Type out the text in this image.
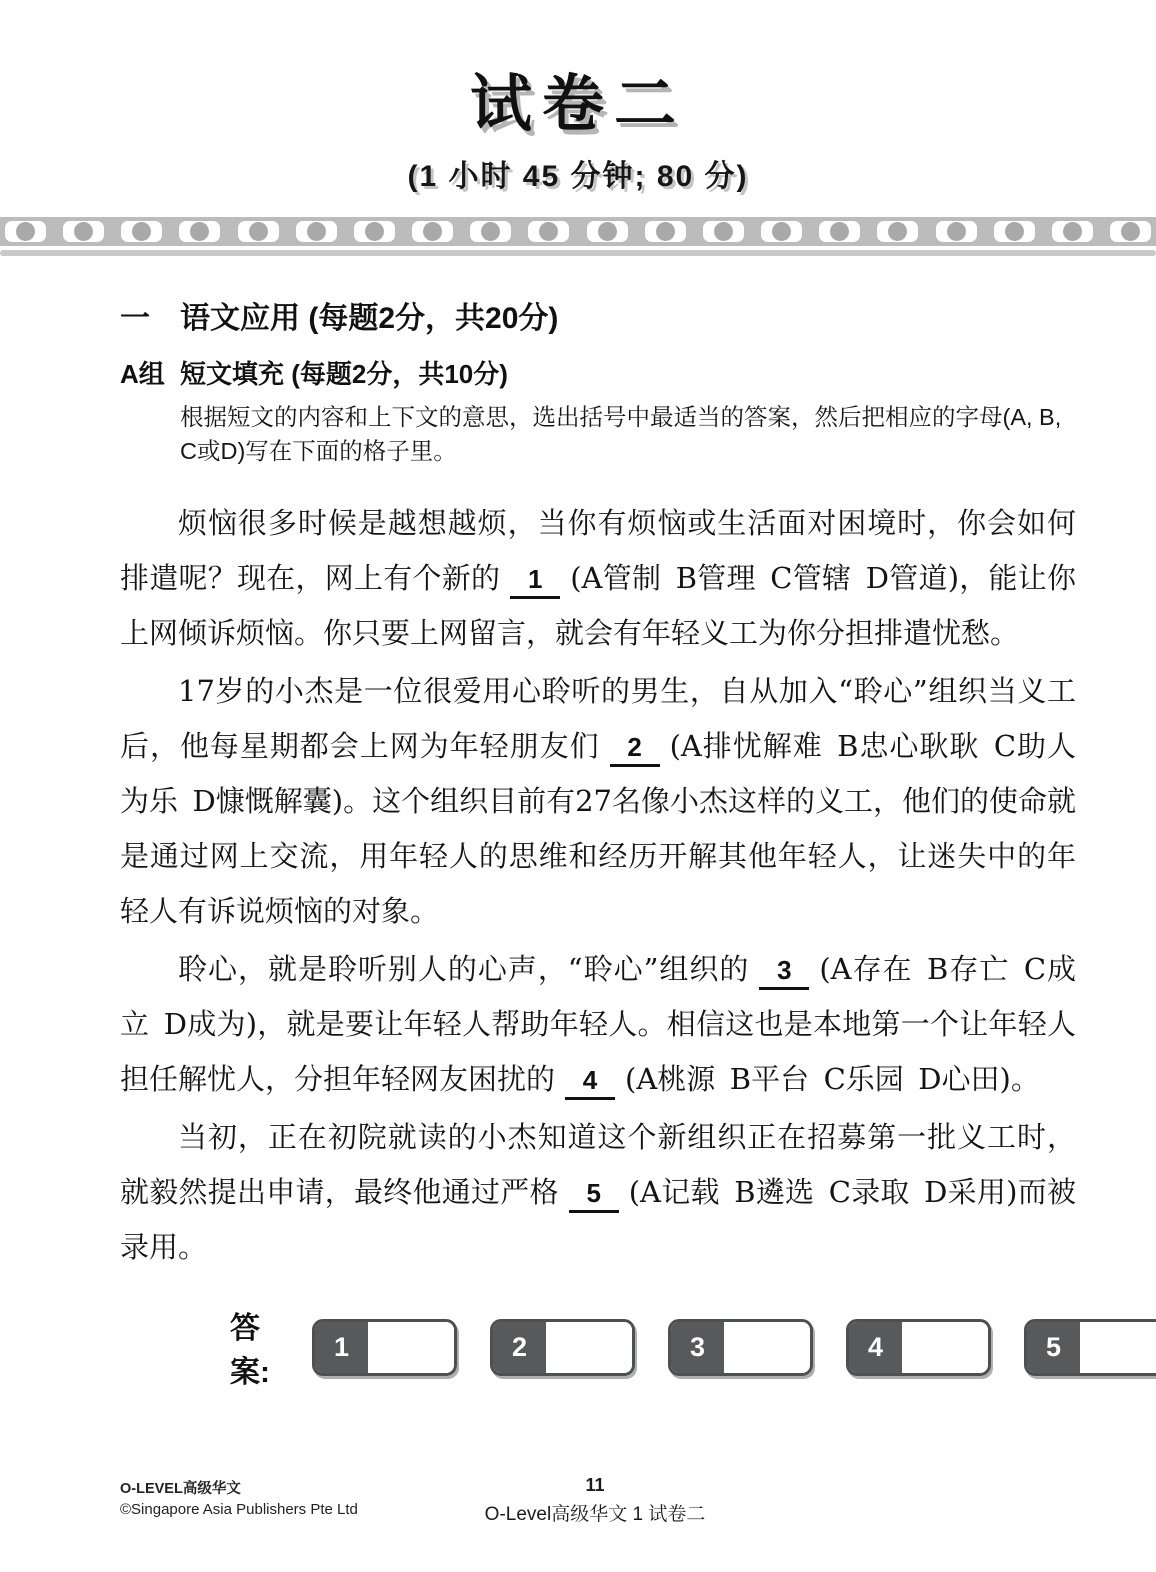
试卷二
(1 小时 45 分钟; 80 分)
一	语文应用 (每题2分，共20分)
A组 短文填充 (每题2分，共10分)
根据短文的内容和上下文的意思，选出括号中最适当的答案，然后把相应的字母(A, B, C或D)写在下面的格子里。

烦恼很多时候是越想越烦，当你有烦恼或生活面对困境时，你会如何排遣呢？现在，网上有个新的 1 (A管制 B管理 C管辖 D管道)，能让你上网倾诉烦恼。你只要上网留言，就会有年轻义工为你分担排遣忧愁。

17岁的小杰是一位很爱用心聆听的男生，自从加入“聆心”组织当义工后，他每星期都会上网为年轻朋友们 2 (A排忧解难 B忠心耿耿 C助人为乐 D慷慨解囊)。这个组织目前有27名像小杰这样的义工，他们的使命就是通过网上交流，用年轻人的思维和经历开解其他年轻人，让迷失中的年轻人有诉说烦恼的对象。

聆心，就是聆听别人的心声，“聆心”组织的 3 (A存在 B存亡 C成立 D成为)，就是要让年轻人帮助年轻人。相信这也是本地第一个让年轻人担任解忧人，分担年轻网友困扰的 4 (A桃源 B平台 C乐园 D心田)。

当初，正在初院就读的小杰知道这个新组织正在招募第一批义工时，就毅然提出申请，最终他通过严格 5 (A记载 B遴选 C录取 D采用)而被录用。

答案:
1	2	3	4	5
O-LEVEL高级华文
©Singapore Asia Publishers Pte Ltd
11
O-Level高级华文 1 试卷二
